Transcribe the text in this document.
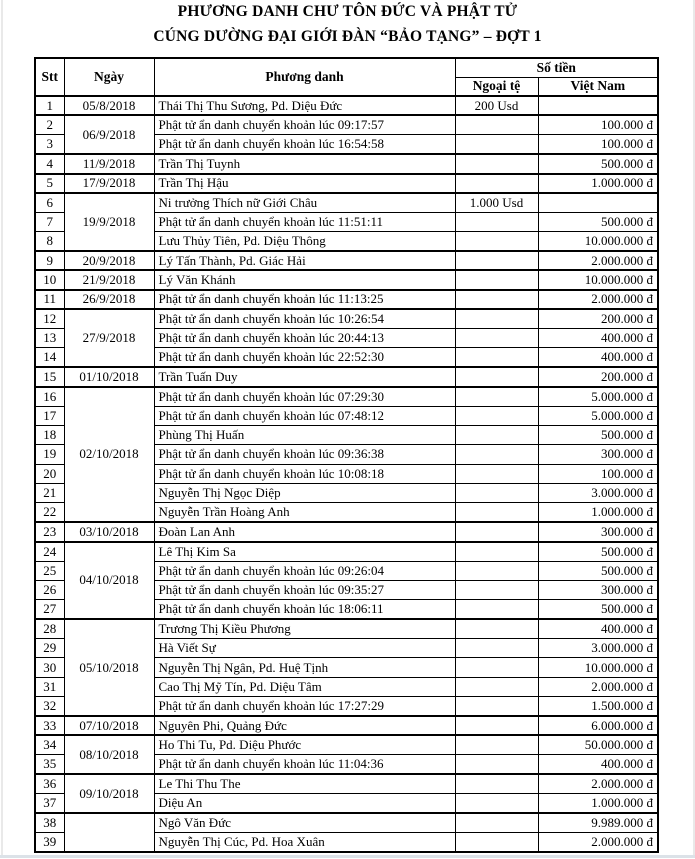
PHƯƠNG DANH CHƯ TÔN ĐỨC VÀ PHẬT TỬ
CÚNG DƯỜNG ĐẠI GIỚI ĐÀN “BẢO TẠNG” – ĐỢT 1
Stt	Ngày	Phương danh	Số tiền	
			Ngoại tệ	Việt Nam
1	05/8/2018	Thái Thị Thu Sương, Pd. Diệu Đức	200 Usd	
2	06/9/2018	Phật tử ẩn danh chuyển khoản lúc 09:17:57		100.000 đ
3		Phật tử ẩn danh chuyển khoản lúc 16:54:58		100.000 đ
4	11/9/2018	Trần Thị Tuynh		500.000 đ
5	17/9/2018	Trần Thị Hậu		1.000.000 đ
6	19/9/2018	Ni trưởng Thích nữ Giới Châu	1.000 Usd	
7		Phật tử ẩn danh chuyển khoản lúc 11:51:11		500.000 đ
8		Lưu Thủy Tiên, Pd. Diệu Thông		10.000.000 đ
9	20/9/2018	Lý Tấn Thành, Pd. Giác Hải		2.000.000 đ
10	21/9/2018	Lý Văn Khánh		10.000.000 đ
11	26/9/2018	Phật tử ẩn danh chuyển khoản lúc 11:13:25		2.000.000 đ
12	27/9/2018	Phật tử ẩn danh chuyển khoản lúc 10:26:54		200.000 đ
13		Phật tử ẩn danh chuyển khoản lúc 20:44:13		400.000 đ
14		Phật tử ẩn danh chuyển khoản lúc 22:52:30		400.000 đ
15	01/10/2018	Trần Tuấn Duy		200.000 đ
16	02/10/2018	Phật tử ẩn danh chuyển khoản lúc 07:29:30		5.000.000 đ
17		Phật tử ẩn danh chuyển khoản lúc 07:48:12		5.000.000 đ
18		Phùng Thị Huấn		500.000 đ
19		Phật tử ẩn danh chuyển khoản lúc 09:36:38		300.000 đ
20		Phật tử ẩn danh chuyển khoản lúc 10:08:18		100.000 đ
21		Nguyễn Thị Ngọc Diệp		3.000.000 đ
22		Nguyễn Trần Hoàng Anh		1.000.000 đ
23	03/10/2018	Đoàn Lan Anh		300.000 đ
24	04/10/2018	Lê Thị Kim Sa		500.000 đ
25		Phật tử ẩn danh chuyển khoản lúc 09:26:04		500.000 đ
26		Phật tử ẩn danh chuyển khoản lúc 09:35:27		300.000 đ
27		Phật tử ẩn danh chuyển khoản lúc 18:06:11		500.000 đ
28	05/10/2018	Trương Thị Kiều Phương		400.000 đ
29		Hà Viết Sự		3.000.000 đ
30		Nguyễn Thị Ngân, Pd. Huệ Tịnh		10.000.000 đ
31		Cao Thị Mỹ Tín, Pd. Diệu Tâm		2.000.000 đ
32		Phật tử ẩn danh chuyển khoản lúc 17:27:29		1.500.000 đ
33	07/10/2018	Nguyên Phi, Quảng Đức		6.000.000 đ
34	08/10/2018	Ho Thi Tu, Pd. Diệu Phước		50.000.000 đ
35		Phật tử ẩn danh chuyển khoản lúc 11:04:36		400.000 đ
36	09/10/2018	Le Thi Thu The		2.000.000 đ
37		Diệu An		1.000.000 đ
38		Ngô Văn Đức		9.989.000 đ
39		Nguyễn Thị Cúc, Pd. Hoa Xuân		2.000.000 đ
